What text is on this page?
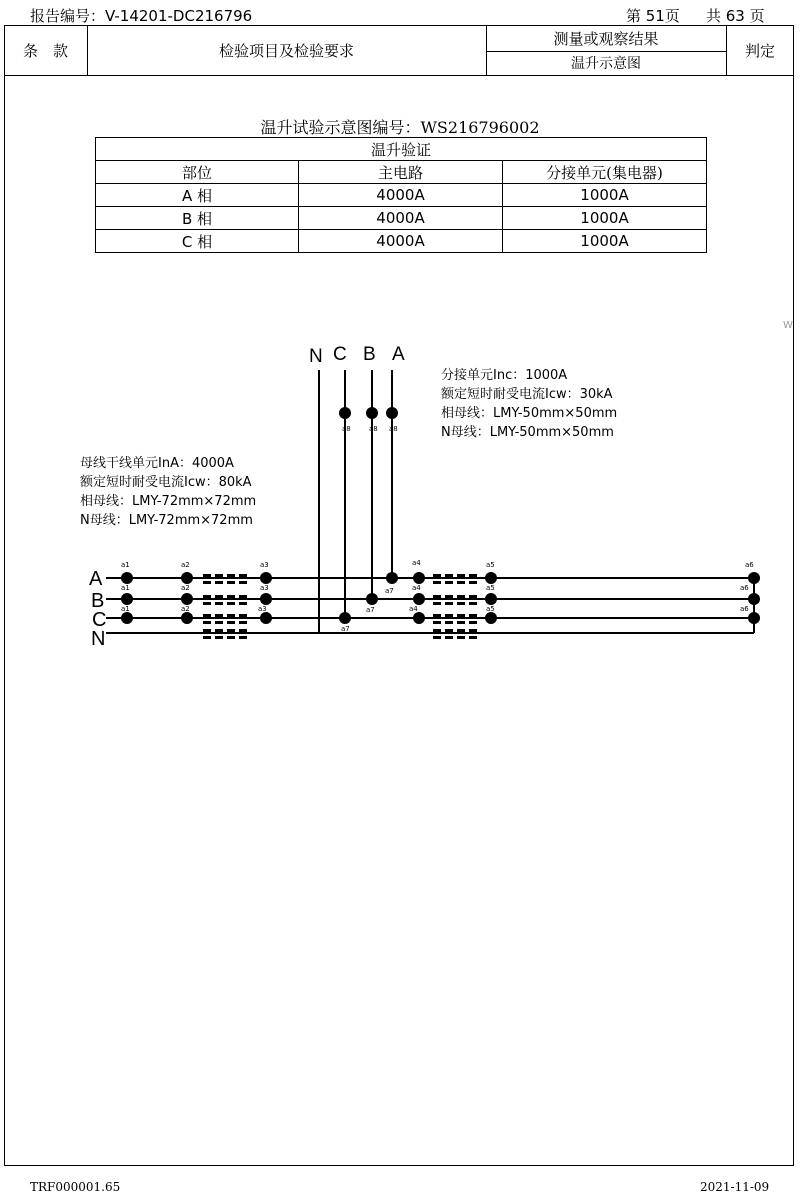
报告编号：V-14201-DC216796	第 51页 共 63 页
条　款	检验项目及检验要求
测量或观察结果
温升示意图
判定
温升试验示意图编号：WS216796002
温升验证		
部位	主电路	分接单元(集电器)
A 相	4000A	1000A
B 相	4000A	1000A
C 相	4000A	1000A
W
N C B A
分接单元Inc：1000A
额定短时耐受电流Icw：30kA
相母线：LMY-50mm×50mm
N母线：LMY-50mm×50mm
母线干线单元InA：4000A
额定短时耐受电流Icw：80kA
相母线：LMY-72mm×72mm
N母线：LMY-72mm×72mm
A
B
C
N
a1	a2	a3
a7
a4	a5	a6
a1	a2	a3
a7
a4	a5	a6
a1	a2	a3
a7
a4	a5	a6
a8	a8 a8
TRF000001.65	2021-11-09
